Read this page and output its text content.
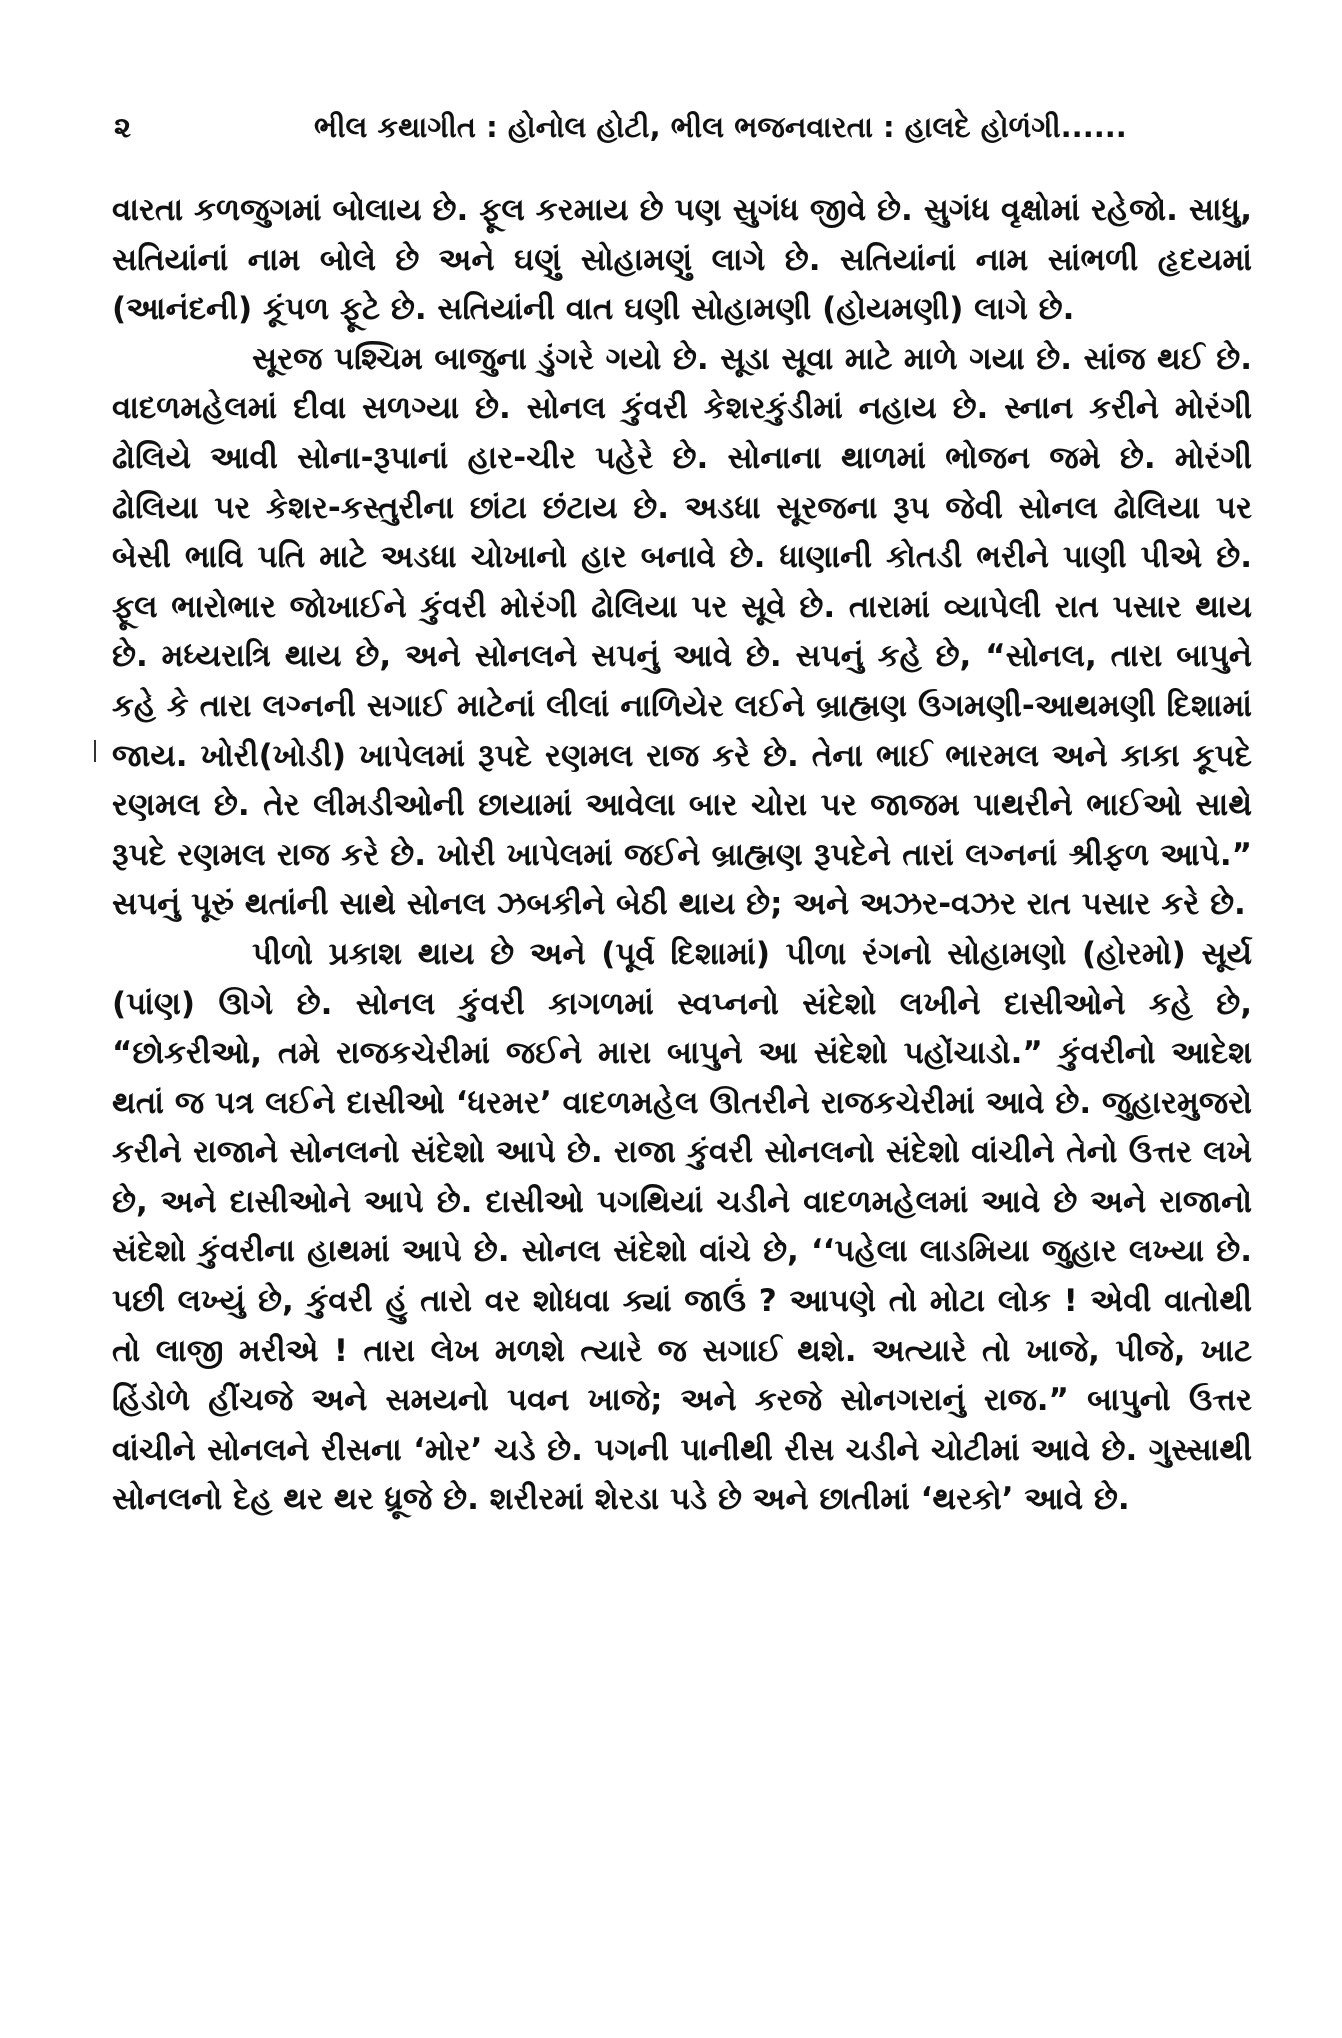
૨	ભીલ કથાગીત : હોનોલ હોટી, ભીલ ભજનવારતા : હાલદે હોળંગી......

વારતા કળજુગમાં બોલાય છે. ફૂલ કરમાય છે પણ સુગંધ જીવે છે. સુગંધ વૃક્ષોમાં રહેજો. સાધુ, સતિયાંનાં નામ બોલે છે અને ઘણું સોહામણું લાગે છે. સતિયાંનાં નામ સાંભળી હૃદયમાં (આનંદની) કૂંપળ ફૂટે છે. સતિયાંની વાત ઘણી સોહામણી (હોયમણી) લાગે છે.

સૂરજ પશ્ચિમ બાજુના ડુંગરે ગયો છે. સૂડા સૂવા માટે માળે ગયા છે. સાંજ થઈ છે. વાદળમહેલમાં દીવા સળગ્યા છે. સોનલ કુંવરી કેશરકુંડીમાં નહાય છે. સ્નાન કરીને મોરંગી ઢોલિયે આવી સોના-રૂપાનાં હાર-ચીર પહેરે છે. સોનાના થાળમાં ભોજન જમે છે. મોરંગી ઢોલિયા પર કેશર-કસ્તુરીના છાંટા છંટાય છે. અડધા સૂરજના રૂપ જેવી સોનલ ઢોલિયા પર બેસી ભાવિ પતિ માટે અડધા ચોખાનો હાર બનાવે છે. ધાણાની કોતડી ભરીને પાણી પીએ છે. ફૂલ ભારોભાર જોખાઈને કુંવરી મોરંગી ઢોલિયા પર સૂવે છે. તારામાં વ્યાપેલી રાત પસાર થાય છે. મધ્યરાત્રિ થાય છે, અને સોનલને સપનું આવે છે. સપનું કહે છે, “સોનલ, તારા બાપુને કહે કે તારા લગ્નની સગાઈ માટેનાં લીલાં નાળિયેર લઈને બ્રાહ્મણ ઉગમણી-આથમણી દિશામાં જાય. ખોરી(ખોડી) ખાપેલમાં રૂપદે રણમલ રાજ કરે છે. તેના ભાઈ ભારમલ અને કાકા કૂપદે રણમલ છે. તેર લીમડીઓની છાયામાં આવેલા બાર ચોરા પર જાજમ પાથરીને ભાઈઓ સાથે રૂપદે રણમલ રાજ કરે છે. ખોરી ખાપેલમાં જઈને બ્રાહ્મણ રૂપદેને તારાં લગ્નનાં શ્રીફળ આપે.” સપનું પૂરું થતાંની સાથે સોનલ ઝબકીને બેઠી થાય છે; અને અઝર-વઝર રાત પસાર કરે છે.

પીળો પ્રકાશ થાય છે અને (પૂર્વ દિશામાં) પીળા રંગનો સોહામણો (હોરમો) સૂર્ય (પાંણ) ઊગે છે. સોનલ કુંવરી કાગળમાં સ્વપ્નનો સંદેશો લખીને દાસીઓને કહે છે, “છોકરીઓ, તમે રાજકચેરીમાં જઈને મારા બાપુને આ સંદેશો પહોંચાડો.” કુંવરીનો આદેશ થતાં જ પત્ર લઈને દાસીઓ ‘ધરમર’ વાદળમહેલ ઊતરીને રાજકચેરીમાં આવે છે. જુહારમુજરો કરીને રાજાને સોનલનો સંદેશો આપે છે. રાજા કુંવરી સોનલનો સંદેશો વાંચીને તેનો ઉત્તર લખે છે, અને દાસીઓને આપે છે. દાસીઓ પગથિયાં ચડીને વાદળમહેલમાં આવે છે અને રાજાનો સંદેશો કુંવરીના હાથમાં આપે છે. સોનલ સંદેશો વાંચે છે, ‘‘પહેલા લાડમિયા જુહાર લખ્યા છે. પછી લખ્યું છે, કુંવરી હું તારો વર શોધવા ક્યાં જાઉં ? આપણે તો મોટા લોક ! એવી વાતોથી તો લાજી મરીએ ! તારા લેખ મળશે ત્યારે જ સગાઈ થશે. અત્યારે તો ખાજે, પીજે, ખાટ હિંડોળે હીંચજે અને સમયનો પવન ખાજે; અને કરજે સોનગરાનું રાજ.” બાપુનો ઉત્તર વાંચીને સોનલને રીસના ‘મોર’ ચડે છે. પગની પાનીથી રીસ ચડીને ચોટીમાં આવે છે. ગુસ્સાથી સોનલનો દેહ થર થર ધ્રૂજે છે. શરીરમાં શેરડા પડે છે અને છાતીમાં ‘થરકો’ આવે છે.
